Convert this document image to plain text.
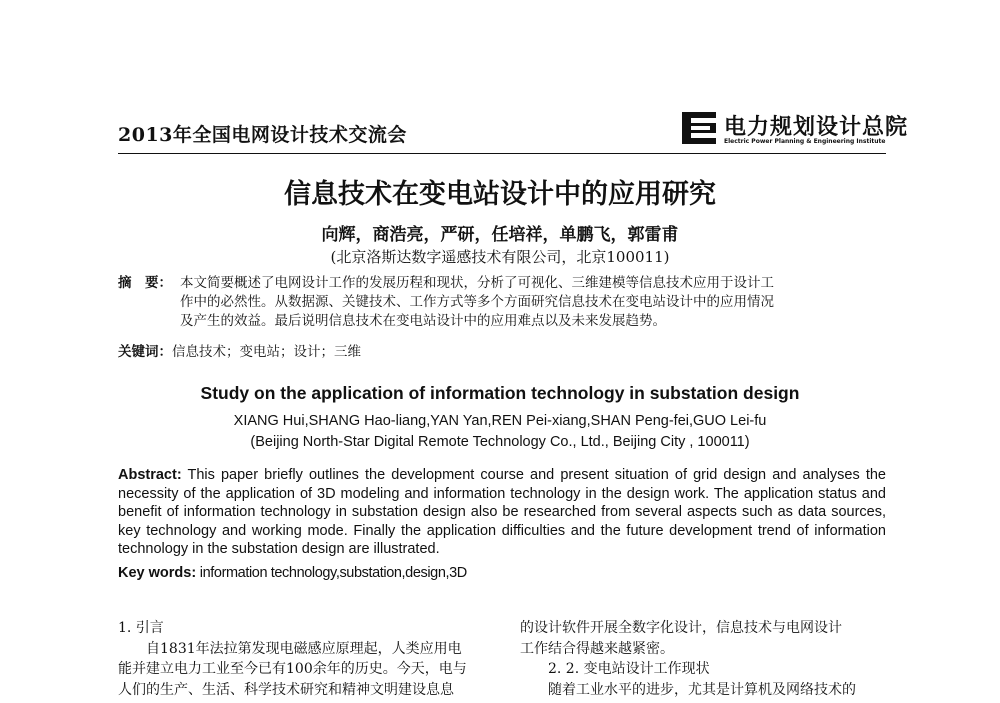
2013年全国电网设计技术交流会	电力规划设计总院
Electric Power Planning & Engineering Institute
信息技术在变电站设计中的应用研究
向辉，商浩亮，严研，任培祥，单鹏飞，郭雷甫
(北京洛斯达数字遥感技术有限公司，北京100011)
摘　要： 本文简要概述了电网设计工作的发展历程和现状，分析了可视化、三维建模等信息技术应用于设计工
作中的必然性。从数据源、关键技术、工作方式等多个方面研究信息技术在变电站设计中的应用情况
及产生的效益。最后说明信息技术在变电站设计中的应用难点以及未来发展趋势。
关键词：信息技术；变电站；设计；三维
Study on the application of information technology in substation design
XIANG Hui,SHANG Hao-liang,YAN Yan,REN Pei-xiang,SHAN Peng-fei,GUO Lei-fu
(Beijing North-Star Digital Remote Technology Co., Ltd., Beijing City , 100011)
Abstract: This paper briefly outlines the development course and present situation of grid design and analyses the necessity of the application of 3D modeling and information technology in the design work. The application status and benefit of information technology in substation design also be researched from several aspects such as data sources, key technology and working mode. Finally the application difficulties and the future development trend of information technology in the substation design are illustrated.
Key words: information technology,substation,design,3D
1. 引言
自1831年法拉第发现电磁感应原理起，人类应用电
能并建立电力工业至今已有100余年的历史。今天，电与
人们的生产、生活、科学技术研究和精神文明建设息息
的设计软件开展全数字化设计，信息技术与电网设计
工作结合得越来越紧密。
2. 2. 变电站设计工作现状
随着工业水平的进步，尤其是计算机及网络技术的
